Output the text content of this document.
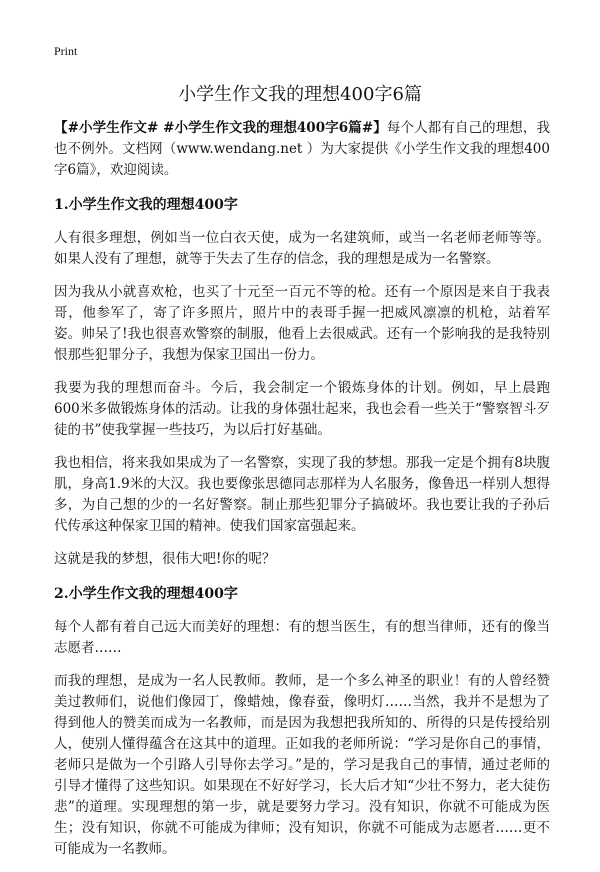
Print
小学生作文我的理想400字6篇

【#小学生作文# #小学生作文我的理想400字6篇#】每个人都有自己的理想，我也不例外。文档网（www.wendang.net ）为大家提供《小学生作文我的理想400字6篇》，欢迎阅读。

1.小学生作文我的理想400字

人有很多理想，例如当一位白衣天使，成为一名建筑师，或当一名老师老师等等。如果人没有了理想，就等于失去了生存的信念，我的理想是成为一名警察。

因为我从小就喜欢枪，也买了十元至一百元不等的枪。还有一个原因是来自于我表哥，他参军了，寄了许多照片，照片中的表哥手握一把威风凛凛的机枪，站着军姿。帅呆了!我也很喜欢警察的制服，他看上去很威武。还有一个影响我的是我特别恨那些犯罪分子，我想为保家卫国出一份力。

我要为我的理想而奋斗。今后，我会制定一个锻炼身体的计划。例如，早上晨跑600米多做锻炼身体的活动。让我的身体强壮起来，我也会看一些关于“警察智斗歹徒的书”使我掌握一些技巧，为以后打好基础。

我也相信，将来我如果成为了一名警察，实现了我的梦想。那我一定是个拥有8块腹肌，身高1.9米的大汉。我也要像张思德同志那样为人名服务，像鲁迅一样别人想得多，为自己想的少的一名好警察。制止那些犯罪分子搞破坏。我也要让我的子孙后代传承这种保家卫国的精神。使我们国家富强起来。

这就是我的梦想，很伟大吧!你的呢？

2.小学生作文我的理想400字

每个人都有着自己远大而美好的理想：有的想当医生，有的想当律师，还有的像当志愿者……

而我的理想，是成为一名人民教师。教师，是一个多么神圣的职业！有的人曾经赞美过教师们，说他们像园丁，像蜡烛，像春蚕，像明灯……当然，我并不是想为了得到他人的赞美而成为一名教师，而是因为我想把我所知的、所得的只是传授给别人，使别人懂得蕴含在这其中的道理。正如我的老师所说：“学习是你自己的事情，老师只是做为一个引路人引导你去学习。”是的，学习是我自己的事情，通过老师的引导才懂得了这些知识。如果现在不好好学习，长大后才知“少壮不努力，老大徒伤悲”的道理。实现理想的第一步，就是要努力学习。没有知识，你就不可能成为医生；没有知识，你就不可能成为律师；没有知识，你就不可能成为志愿者……更不可能成为一名教师。
